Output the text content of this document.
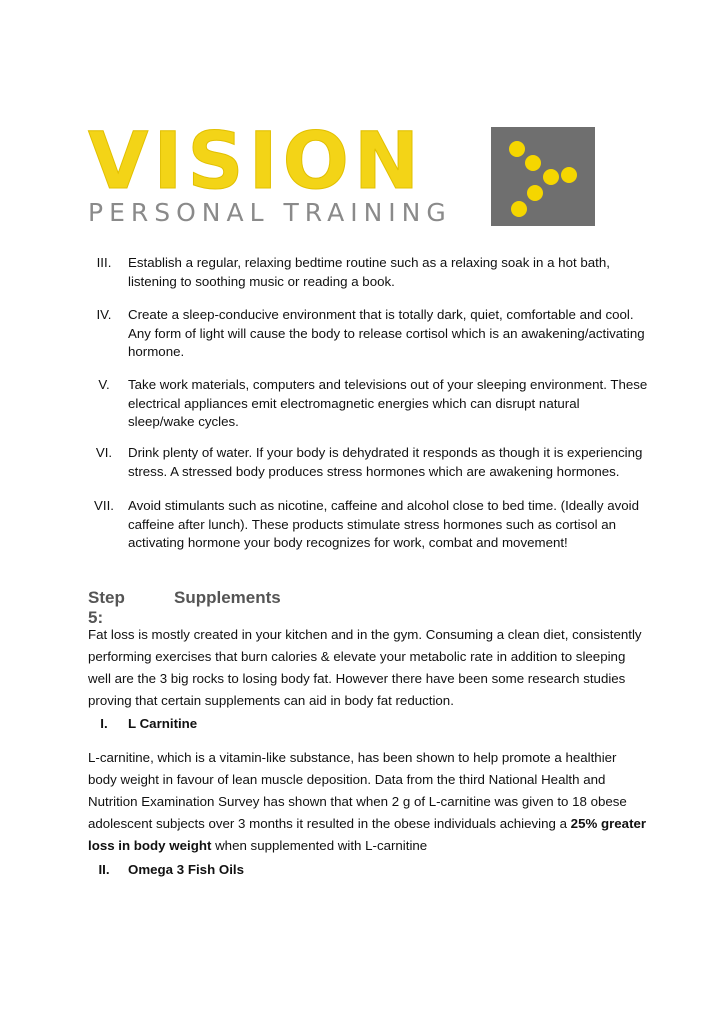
VISION
PERSONAL TRAINING
III.	Establish a regular, relaxing bedtime routine such as a relaxing soak in a hot bath, listening to soothing music or reading a book.
IV.	Create a sleep-conducive environment that is totally dark, quiet, comfortable and cool. Any form of light will cause the body to release cortisol which is an awakening/activating hormone.
V.	Take work materials, computers and televisions out of your sleeping environment. These electrical appliances emit electromagnetic energies which can disrupt natural sleep/wake cycles.
VI.	Drink plenty of water. If your body is dehydrated it responds as though it is experiencing stress. A stressed body produces stress hormones which are awakening hormones.
VII.	Avoid stimulants such as nicotine, caffeine and alcohol close to bed time. (Ideally avoid caffeine after lunch). These products stimulate stress hormones such as cortisol an activating hormone your body recognizes for work, combat and movement!
Step 5:
Supplements
Fat loss is mostly created in your kitchen and in the gym. Consuming a clean diet, consistently performing exercises that burn calories & elevate your metabolic rate in addition to sleeping well are the 3 big rocks to losing body fat. However there have been some research studies proving that certain supplements can aid in body fat reduction.
I.	L Carnitine
L-carnitine, which is a vitamin-like substance, has been shown to help promote a healthier body weight in favour of lean muscle deposition. Data from the third National Health and Nutrition Examination Survey has shown that when 2 g of L-carnitine was given to 18 obese adolescent subjects over 3 months it resulted in the obese individuals achieving a 25% greater loss in body weight when supplemented with L-carnitine
II.	Omega 3 Fish Oils
